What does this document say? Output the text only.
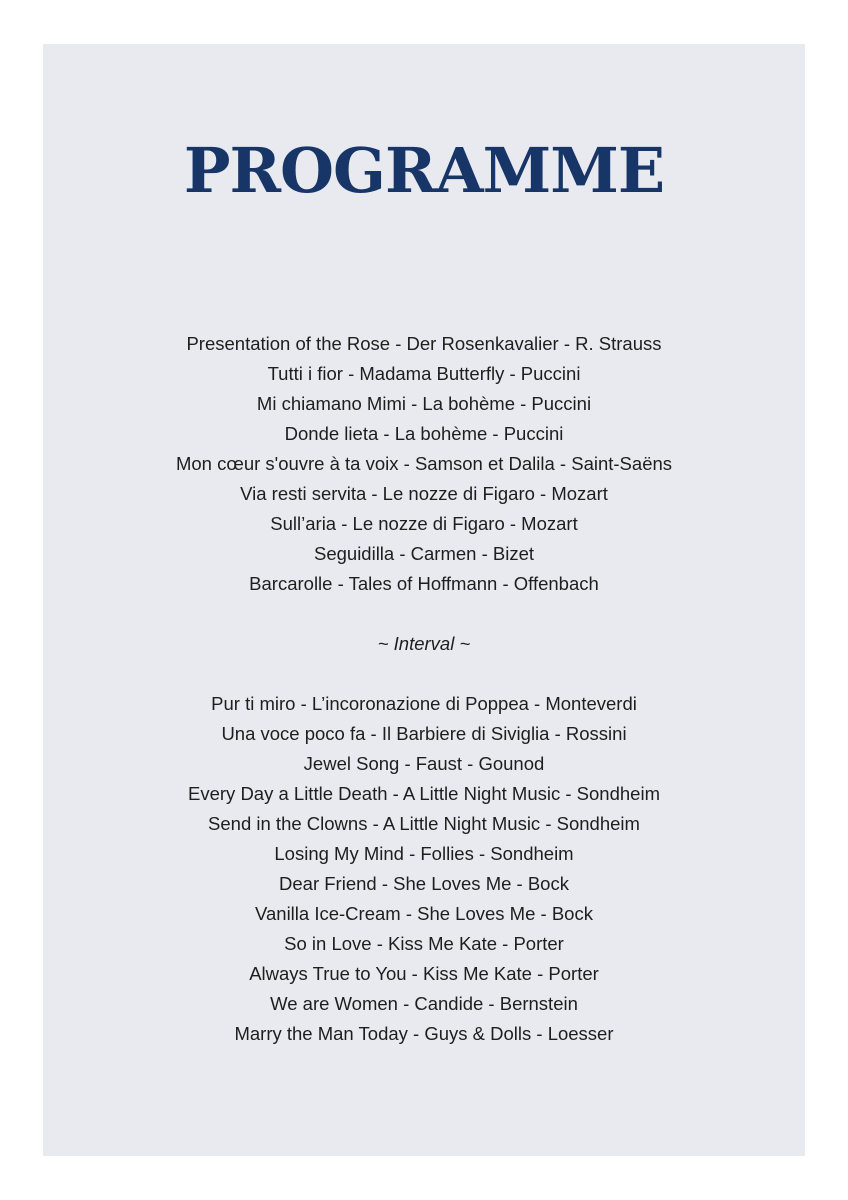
PROGRAMME
Presentation of the Rose - Der Rosenkavalier - R. Strauss
Tutti i fior - Madama Butterfly - Puccini
Mi chiamano Mimi - La bohème - Puccini
Donde lieta - La bohème - Puccini
Mon cœur s'ouvre à ta voix - Samson et Dalila - Saint-Saëns
Via resti servita - Le nozze di Figaro - Mozart
Sull’aria - Le nozze di Figaro - Mozart
Seguidilla - Carmen - Bizet
Barcarolle - Tales of Hoffmann - Offenbach
~ Interval ~
Pur ti miro - L’incoronazione di Poppea - Monteverdi
Una voce poco fa - Il Barbiere di Siviglia - Rossini
Jewel Song - Faust - Gounod
Every Day a Little Death - A Little Night Music - Sondheim
Send in the Clowns - A Little Night Music - Sondheim
Losing My Mind - Follies - Sondheim
Dear Friend - She Loves Me - Bock
Vanilla Ice-Cream - She Loves Me - Bock
So in Love - Kiss Me Kate - Porter
Always True to You - Kiss Me Kate - Porter
We are Women - Candide - Bernstein
Marry the Man Today - Guys & Dolls - Loesser
